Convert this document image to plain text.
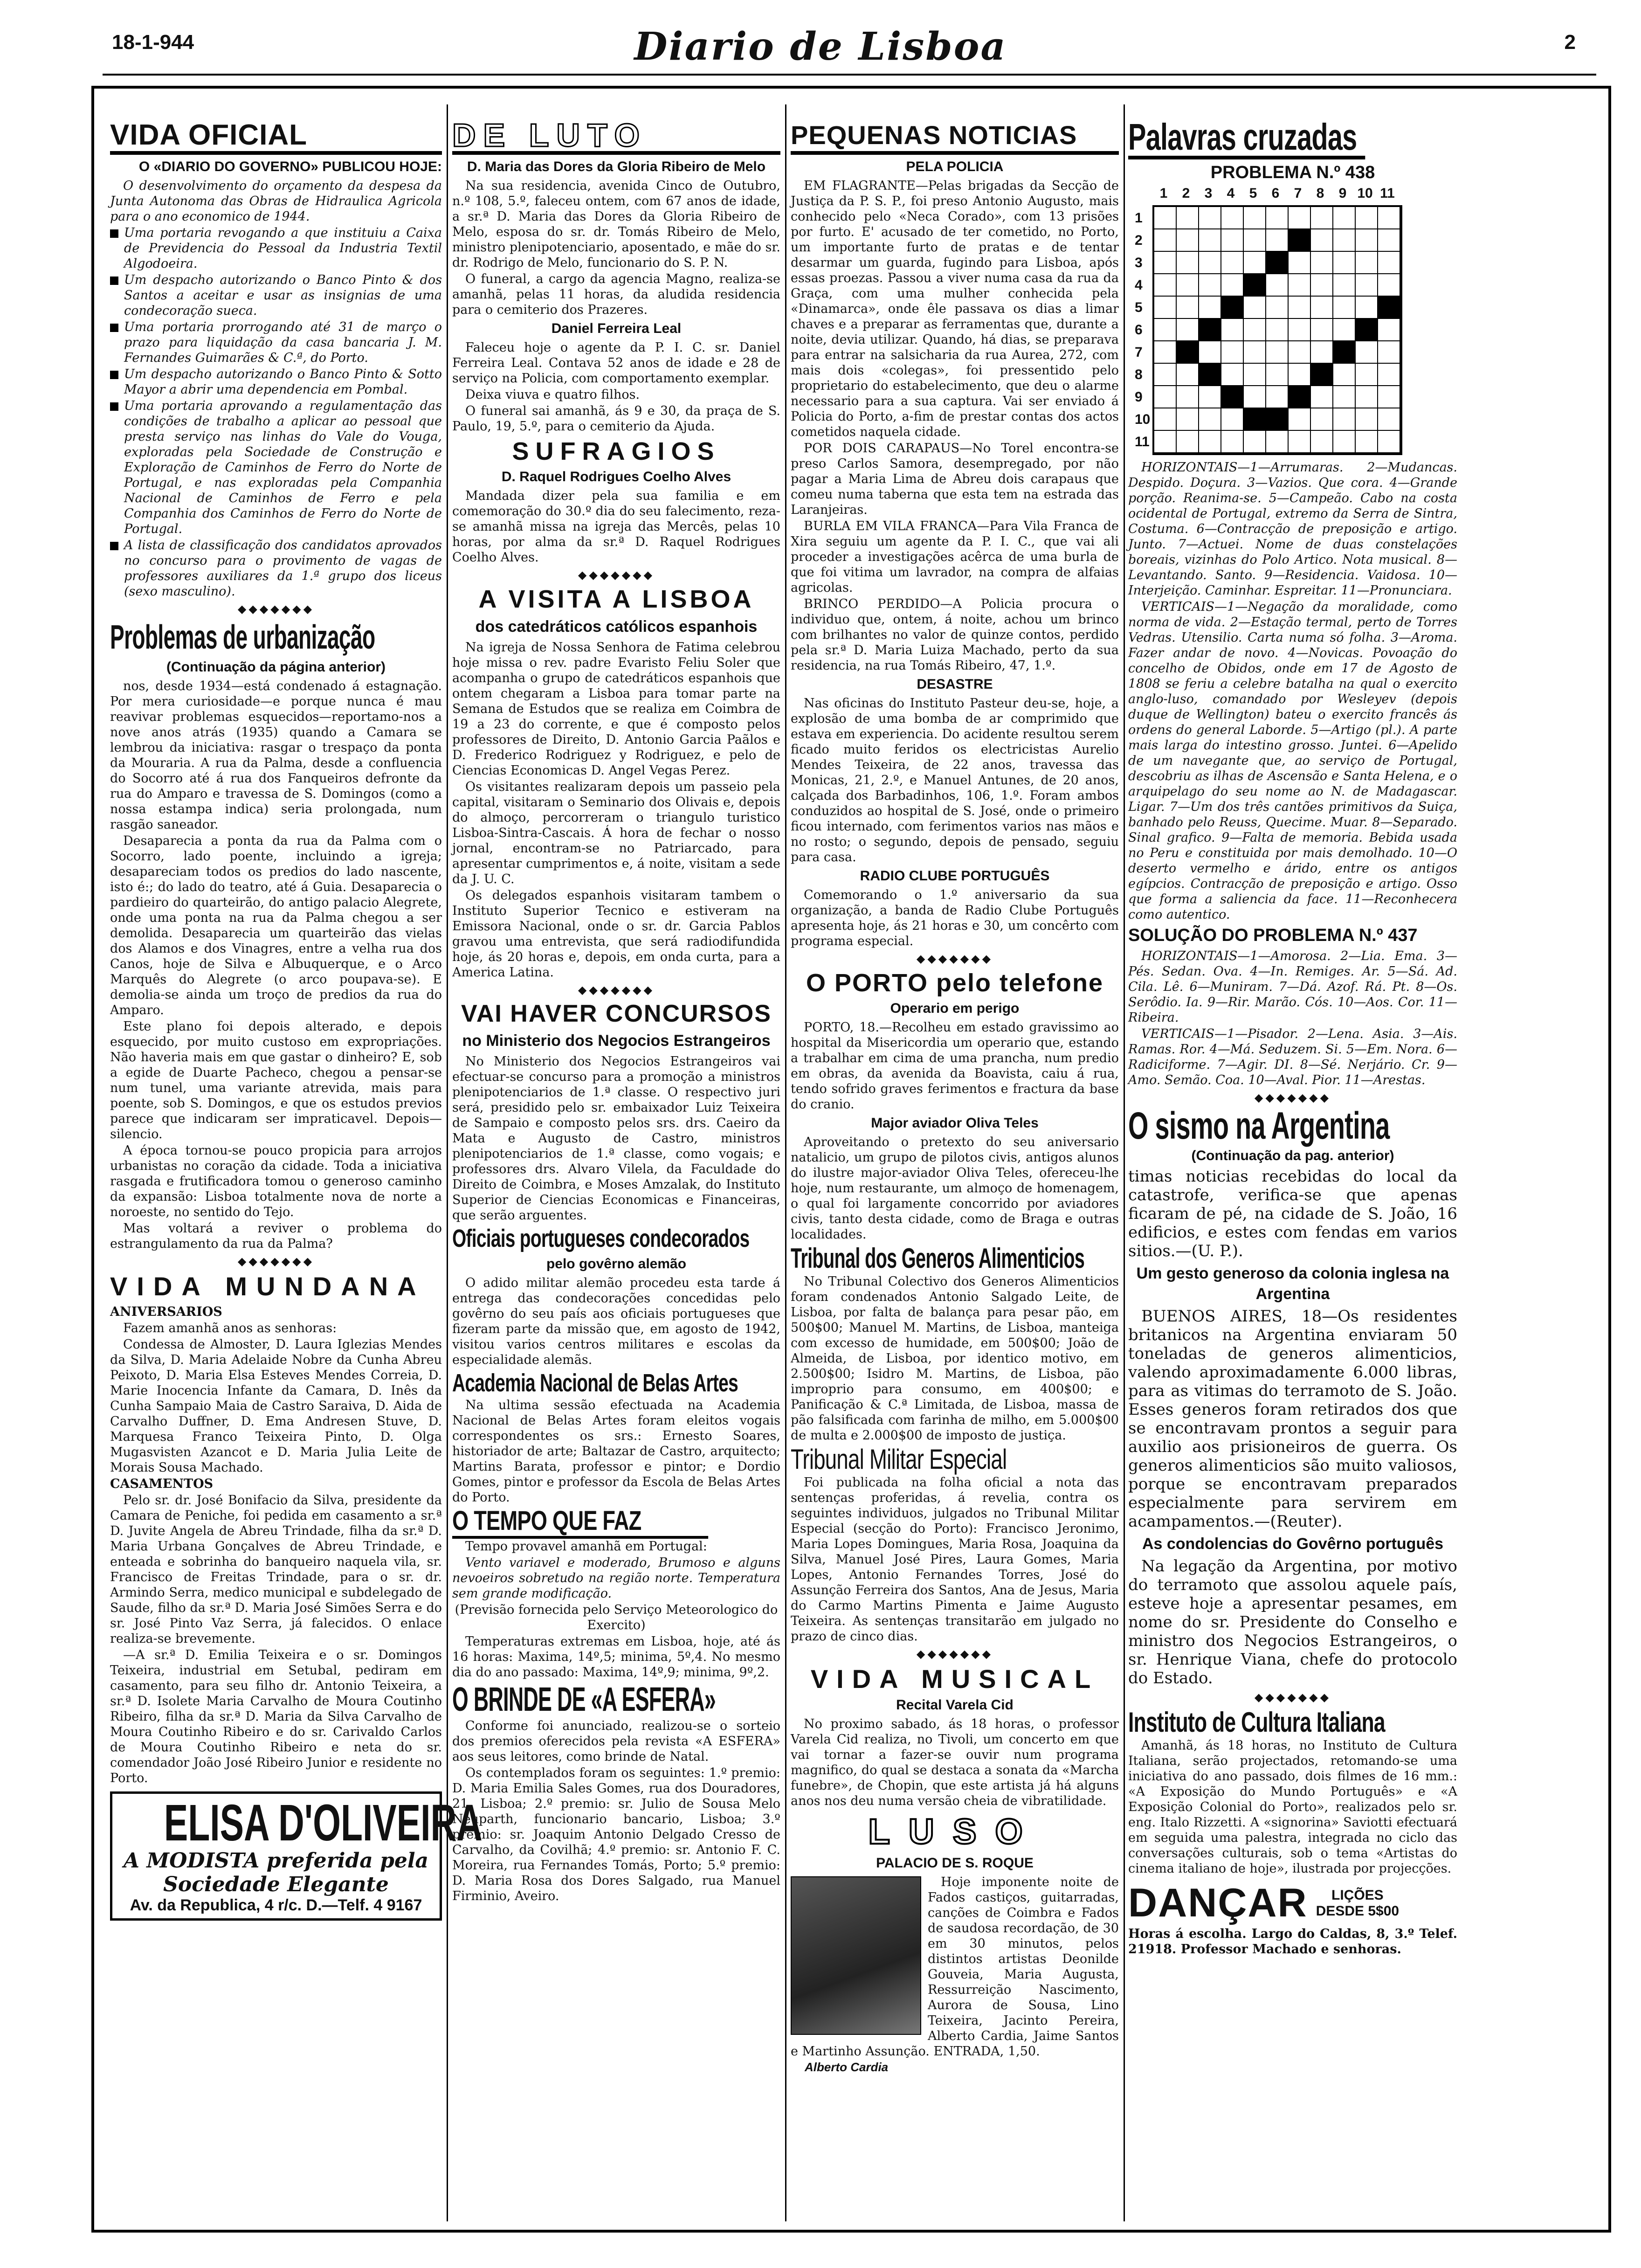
18-1-944	Diario de Lisboa	2
VIDA OFICIAL
O «DIARIO DO GOVERNO» PUBLICOU HOJE:

O desenvolvimento do orçamento da despesa da Junta Autonoma das Obras de Hidraulica Agricola para o ano economico de 1944.

Uma portaria revogando a que instituiu a Caixa de Previdencia do Pessoal da Industria Textil Algodoeira.

Um despacho autorizando o Banco Pinto & dos Santos a aceitar e usar as insignias de uma condecoração sueca.

Uma portaria prorrogando até 31 de março o prazo para liquidação da casa bancaria J. M. Fernandes Guimarães & C.ª, do Porto.

Um despacho autorizando o Banco Pinto & Sotto Mayor a abrir uma dependencia em Pombal.

Uma portaria aprovando a regulamentação das condições de trabalho a aplicar ao pessoal que presta serviço nas linhas do Vale do Vouga, exploradas pela Sociedade de Construção e Exploração de Caminhos de Ferro do Norte de Portugal, e nas exploradas pela Companhia Nacional de Caminhos de Ferro e pela Companhia dos Caminhos de Ferro do Norte de Portugal.

A lista de classificação dos candidatos aprovados no concurso para o provimento de vagas de professores auxiliares da 1.ª grupo dos liceus (sexo masculino).

◆◆◆◆◆◆◆
Problemas de urbanização
(Continuação da página anterior)

nos, desde 1934—está condenado á estagnação. Por mera curiosidade—e porque nunca é mau reavivar problemas esquecidos—reportamo-nos a nove anos atrás (1935) quando a Camara se lembrou da iniciativa: rasgar o trespaço da ponta da Mouraria. A rua da Palma, desde a confluencia do Socorro até á rua dos Fanqueiros defronte da rua do Amparo e travessa de S. Domingos (como a nossa estampa indica) seria prolongada, num rasgão saneador.

Desaparecia a ponta da rua da Palma com o Socorro, lado poente, incluindo a igreja; desapareciam todos os predios do lado nascente, isto é:; do lado do teatro, até á Guia. Desaparecia o pardieiro do quarteirão, do antigo palacio Alegrete, onde uma ponta na rua da Palma chegou a ser demolida. Desaparecia um quarteirão das vielas dos Alamos e dos Vinagres, entre a velha rua dos Canos, hoje de Silva e Albuquerque, e o Arco Marquês do Alegrete (o arco poupava-se). E demolia-se ainda um troço de predios da rua do Amparo.

Este plano foi depois alterado, e depois esquecido, por muito custoso em expropriações. Não haveria mais em que gastar o dinheiro? E, sob a egide de Duarte Pacheco, chegou a pensar-se num tunel, uma variante atrevida, mais para poente, sob S. Domingos, e que os estudos previos parece que indicaram ser impraticavel. Depois—silencio.

A época tornou-se pouco propicia para arrojos urbanistas no coração da cidade. Toda a iniciativa rasgada e frutificadora tomou o generoso caminho da expansão: Lisboa totalmente nova de norte a noroeste, no sentido do Tejo.

Mas voltará a reviver o problema do estrangulamento da rua da Palma?

◆◆◆◆◆◆◆
VIDA MUNDANA

ANIVERSARIOS

Fazem amanhã anos as senhoras:

Condessa de Almoster, D. Laura Iglezias Mendes da Silva, D. Maria Adelaide Nobre da Cunha Abreu Peixoto, D. Maria Elsa Esteves Mendes Correia, D. Marie Inocencia Infante da Camara, D. Inês da Cunha Sampaio Maia de Castro Saraiva, D. Aida de Carvalho Duffner, D. Ema Andresen Stuve, D. Marquesa Franco Teixeira Pinto, D. Olga Mugasvisten Azancot e D. Maria Julia Leite de Morais Sousa Machado.

CASAMENTOS

Pelo sr. dr. José Bonifacio da Silva, presidente da Camara de Peniche, foi pedida em casamento a sr.ª D. Juvite Angela de Abreu Trindade, filha da sr.ª D. Maria Urbana Gonçalves de Abreu Trindade, e enteada e sobrinha do banqueiro naquela vila, sr. Francisco de Freitas Trindade, para o sr. dr. Armindo Serra, medico municipal e subdelegado de Saude, filho da sr.ª D. Maria José Simões Serra e do sr. José Pinto Vaz Serra, já falecidos. O enlace realiza-se brevemente.

—A sr.ª D. Emilia Teixeira e o sr. Domingos Teixeira, industrial em Setubal, pediram em casamento, para seu filho dr. Antonio Teixeira, a sr.ª D. Isolete Maria Carvalho de Moura Coutinho Ribeiro, filha da sr.ª D. Maria da Silva Carvalho de Moura Coutinho Ribeiro e do sr. Carivaldo Carlos de Moura Coutinho Ribeiro e neta do sr. comendador João José Ribeiro Junior e residente no Porto.

ELISA D'OLIVEIRA
A MODISTA preferida pela
Sociedade Elegante
Av. da Republica, 4 r/c. D.—Telf. 4 9167
DE LUTO
D. Maria das Dores da Gloria Ribeiro de Melo

Na sua residencia, avenida Cinco de Outubro, n.º 108, 5.º, faleceu ontem, com 67 anos de idade, a sr.ª D. Maria das Dores da Gloria Ribeiro de Melo, esposa do sr. dr. Tomás Ribeiro de Melo, ministro plenipotenciario, aposentado, e mãe do sr. dr. Rodrigo de Melo, funcionario do S. P. N.

O funeral, a cargo da agencia Magno, realiza-se amanhã, pelas 11 horas, da aludida residencia para o cemiterio dos Prazeres.

Daniel Ferreira Leal

Faleceu hoje o agente da P. I. C. sr. Daniel Ferreira Leal. Contava 52 anos de idade e 28 de serviço na Policia, com comportamento exemplar.

Deixa viuva e quatro filhos.

O funeral sai amanhã, ás 9 e 30, da praça de S. Paulo, 19, 5.º, para o cemiterio da Ajuda.

SUFRAGIOS
D. Raquel Rodrigues Coelho Alves

Mandada dizer pela sua familia e em comemoração do 30.º dia do seu falecimento, reza-se amanhã missa na igreja das Mercês, pelas 10 horas, por alma da sr.ª D. Raquel Rodrigues Coelho Alves.

◆◆◆◆◆◆◆
A VISITA A LISBOA
dos catedráticos católicos espanhois

Na igreja de Nossa Senhora de Fatima celebrou hoje missa o rev. padre Evaristo Feliu Soler que acompanha o grupo de catedráticos espanhois que ontem chegaram a Lisboa para tomar parte na Semana de Estudos que se realiza em Coimbra de 19 a 23 do corrente, e que é composto pelos professores de Direito, D. Antonio Garcia Paãlos e D. Frederico Rodriguez y Rodriguez, e pelo de Ciencias Economicas D. Angel Vegas Perez.

Os visitantes realizaram depois um passeio pela capital, visitaram o Seminario dos Olivais e, depois do almoço, percorreram o triangulo turistico Lisboa-Sintra-Cascais. Á hora de fechar o nosso jornal, encontram-se no Patriarcado, para apresentar cumprimentos e, á noite, visitam a sede da J. U. C.

Os delegados espanhois visitaram tambem o Instituto Superior Tecnico e estiveram na Emissora Nacional, onde o sr. dr. Garcia Pablos gravou uma entrevista, que será radiodifundida hoje, ás 20 horas e, depois, em onda curta, para a America Latina.

◆◆◆◆◆◆◆
VAI HAVER CONCURSOS
no Ministerio dos Negocios Estrangeiros

No Ministerio dos Negocios Estrangeiros vai efectuar-se concurso para a promoção a ministros plenipotenciarios de 1.ª classe. O respectivo juri será, presidido pelo sr. embaixador Luiz Teixeira de Sampaio e composto pelos srs. drs. Caeiro da Mata e Augusto de Castro, ministros plenipotenciarios de 1.ª classe, como vogais; e professores drs. Alvaro Vilela, da Faculdade do Direito de Coimbra, e Moses Amzalak, do Instituto Superior de Ciencias Economicas e Financeiras, que serão arguentes.

Oficiais portugueses condecorados
pelo govêrno alemão

O adido militar alemão procedeu esta tarde á entrega das condecorações concedidas pelo govêrno do seu país aos oficiais portugueses que fizeram parte da missão que, em agosto de 1942, visitou varios centros militares e escolas da especialidade alemãs.

Academia Nacional de Belas Artes

Na ultima sessão efectuada na Academia Nacional de Belas Artes foram eleitos vogais correspondentes os srs.: Ernesto Soares, historiador de arte; Baltazar de Castro, arquitecto; Martins Barata, professor e pintor; e Dordio Gomes, pintor e professor da Escola de Belas Artes do Porto.

O TEMPO QUE FAZ

Tempo provavel amanhã em Portugal:

Vento variavel e moderado, Brumoso e alguns nevoeiros sobretudo na região norte. Temperatura sem grande modificação.

(Previsão fornecida pelo Serviço Meteorologico do Exercito)

Temperaturas extremas em Lisboa, hoje, até ás 16 horas: Maxima, 14º,5; minima, 5º,4. No mesmo dia do ano passado: Maxima, 14º,9; minima, 9º,2.

O BRINDE DE «A ESFERA»

Conforme foi anunciado, realizou-se o sorteio dos premios oferecidos pela revista «A ESFERA» aos seus leitores, como brinde de Natal.

Os contemplados foram os seguintes: 1.º premio: D. Maria Emilia Sales Gomes, rua dos Douradores, 21, Lisboa; 2.º premio: sr. Julio de Sousa Melo Neuparth, funcionario bancario, Lisboa; 3.º premio: sr. Joaquim Antonio Delgado Cresso de Carvalho, da Covilhã; 4.º premio: sr. Antonio F. C. Moreira, rua Fernandes Tomás, Porto; 5.º premio: D. Maria Rosa dos Dores Salgado, rua Manuel Firminio, Aveiro.

PEQUENAS NOTICIAS
PELA POLICIA

EM FLAGRANTE—Pelas brigadas da Secção de Justiça da P. S. P., foi preso Antonio Augusto, mais conhecido pelo «Neca Corado», com 13 prisões por furto. E' acusado de ter cometido, no Porto, um importante furto de pratas e de tentar desarmar um guarda, fugindo para Lisboa, após essas proezas. Passou a viver numa casa da rua da Graça, com uma mulher conhecida pela «Dinamarca», onde êle passava os dias a limar chaves e a preparar as ferramentas que, durante a noite, devia utilizar. Quando, há dias, se preparava para entrar na salsicharia da rua Aurea, 272, com mais dois «colegas», foi pressentido pelo proprietario do estabelecimento, que deu o alarme necessario para a sua captura. Vai ser enviado á Policia do Porto, a-fim de prestar contas dos actos cometidos naquela cidade.

POR DOIS CARAPAUS—No Torel encontra-se preso Carlos Samora, desempregado, por não pagar a Maria Lima de Abreu dois carapaus que comeu numa taberna que esta tem na estrada das Laranjeiras.

BURLA EM VILA FRANCA—Para Vila Franca de Xira seguiu um agente da P. I. C., que vai ali proceder a investigações acêrca de uma burla de que foi vitima um lavrador, na compra de alfaias agricolas.

BRINCO PERDIDO—A Policia procura o individuo que, ontem, á noite, achou um brinco com brilhantes no valor de quinze contos, perdido pela sr.ª D. Maria Luiza Machado, perto da sua residencia, na rua Tomás Ribeiro, 47, 1.º.

DESASTRE

Nas oficinas do Instituto Pasteur deu-se, hoje, a explosão de uma bomba de ar comprimido que estava em experiencia. Do acidente resultou serem ficado muito feridos os electricistas Aurelio Mendes Teixeira, de 22 anos, travessa das Monicas, 21, 2.º, e Manuel Antunes, de 20 anos, calçada dos Barbadinhos, 106, 1.º. Foram ambos conduzidos ao hospital de S. José, onde o primeiro ficou internado, com ferimentos varios nas mãos e no rosto; o segundo, depois de pensado, seguiu para casa.

RADIO CLUBE PORTUGUÊS

Comemorando o 1.º aniversario da sua organização, a banda de Radio Clube Português apresenta hoje, ás 21 horas e 30, um concêrto com programa especial.

◆◆◆◆◆◆◆
O PORTO pelo telefone
Operario em perigo

PORTO, 18.—Recolheu em estado gravissimo ao hospital da Misericordia um operario que, estando a trabalhar em cima de uma prancha, num predio em obras, da avenida da Boavista, caiu á rua, tendo sofrido graves ferimentos e fractura da base do cranio.

Major aviador Oliva Teles

Aproveitando o pretexto do seu aniversario natalicio, um grupo de pilotos civis, antigos alunos do ilustre major-aviador Oliva Teles, ofereceu-lhe hoje, num restaurante, um almoço de homenagem, o qual foi largamente concorrido por aviadores civis, tanto desta cidade, como de Braga e outras localidades.

Tribunal dos Generos Alimenticios

No Tribunal Colectivo dos Generos Alimenticios foram condenados Antonio Salgado Leite, de Lisboa, por falta de balança para pesar pão, em 500$00; Manuel M. Martins, de Lisboa, manteiga com excesso de humidade, em 500$00; João de Almeida, de Lisboa, por identico motivo, em 2.500$00; Isidro M. Martins, de Lisboa, pão improprio para consumo, em 400$00; e Panificação & C.ª Limitada, de Lisboa, massa de pão falsificada com farinha de milho, em 5.000$00 de multa e 2.000$00 de imposto de justiça.

Tribunal Militar Especial

Foi publicada na folha oficial a nota das sentenças proferidas, á revelia, contra os seguintes individuos, julgados no Tribunal Militar Especial (secção do Porto): Francisco Jeronimo, Maria Lopes Domingues, Maria Rosa, Joaquina da Silva, Manuel José Pires, Laura Gomes, Maria Lopes, Antonio Fernandes Torres, José do Assunção Ferreira dos Santos, Ana de Jesus, Maria do Carmo Martins Pimenta e Jaime Augusto Teixeira. As sentenças transitarão em julgado no prazo de cinco dias.

◆◆◆◆◆◆◆
VIDA MUSICAL
Recital Varela Cid

No proximo sabado, ás 18 horas, o professor Varela Cid realiza, no Tivoli, um concerto em que vai tornar a fazer-se ouvir num programa magnifico, do qual se destaca a sonata da «Marcha funebre», de Chopin, que este artista já há alguns anos nos deu numa versão cheia de vibratilidade.

LUSO
PALACIO DE S. ROQUE

Hoje imponente noite de Fados castiços, guitarradas, canções de Coimbra e Fados de saudosa recordação, de 30 em 30 minutos, pelos distintos artistas Deonilde Gouveia, Maria Augusta, Ressurreição Nascimento, Aurora de Sousa, Lino Teixeira, Jacinto Pereira, Alberto Cardia, Jaime Santos e Martinho Assunção. ENTRADA, 1,50.

Alberto Cardia
Palavras cruzadas
PROBLEMA N.º 438
1	2	3	4	5	6	7	8	9 10 11
1
2
3
4
5
6
7
8
9
10
11

HORIZONTAIS—1—Arrumaras. 2—Mudancas. Despido. Doçura. 3—Vazios. Que cora. 4—Grande porção. Reanima-se. 5—Campeão. Cabo na costa ocidental de Portugal, extremo da Serra de Sintra, Costuma. 6—Contracção de preposição e artigo. Junto. 7—Actuei. Nome de duas constelações boreais, vizinhas do Polo Artico. Nota musical. 8—Levantando. Santo. 9—Residencia. Vaidosa. 10—Interjeição. Caminhar. Espreitar. 11—Pronunciara.

VERTICAIS—1—Negação da moralidade, como norma de vida. 2—Estação termal, perto de Torres Vedras. Utensilio. Carta numa só folha. 3—Aroma. Fazer andar de novo. 4—Novicas. Povoação do concelho de Obidos, onde em 17 de Agosto de 1808 se feriu a celebre batalha na qual o exercito anglo-luso, comandado por Wesleyev (depois duque de Wellington) bateu o exercito francês ás ordens do general Laborde. 5—Artigo (pl.). A parte mais larga do intestino grosso. Juntei. 6—Apelido de um navegante que, ao serviço de Portugal, descobriu as ilhas de Ascensão e Santa Helena, e o arquipelago do seu nome ao N. de Madagascar. Ligar. 7—Um dos três cantões primitivos da Suiça, banhado pelo Reuss, Quecime. Muar. 8—Separado. Sinal grafico. 9—Falta de memoria. Bebida usada no Peru e constituida por mais demolhado. 10—O deserto vermelho e árido, entre os antigos egípcios. Contracção de preposição e artigo. Osso que forma a saliencia da face. 11—Reconhecera como autentico.

SOLUÇÃO DO PROBLEMA N.º 437

HORIZONTAIS—1—Amorosa. 2—Lia. Ema. 3—Pés. Sedan. Ova. 4—In. Remiges. Ar. 5—Sá. Ad. Cila. Lê. 6—Muniram. 7—Dá. Azof. Rá. Pt. 8—Os. Serôdio. Ia. 9—Rir. Marão. Cós. 10—Aos. Cor. 11—Ribeira.

VERTICAIS—1—Pisador. 2—Lena. Asia. 3—Ais. Ramas. Ror. 4—Má. Seduzem. Si. 5—Em. Nora. 6—Radiciforme. 7—Agir. DI. 8—Sé. Nerjário. Cr. 9—Amo. Semão. Coa. 10—Aval. Pior. 11—Arestas.

◆◆◆◆◆◆◆
O sismo na Argentina
(Continuação da pag. anterior)

timas noticias recebidas do local da catastrofe, verifica-se que apenas ficaram de pé, na cidade de S. João, 16 edificios, e estes com fendas em varios sitios.—(U. P.).

Um gesto generoso da colonia inglesa na Argentina

BUENOS AIRES, 18—Os residentes britanicos na Argentina enviaram 50 toneladas de generos alimenticios, valendo aproximadamente 6.000 libras, para as vitimas do terramoto de S. João. Esses generos foram retirados dos que se encontravam prontos a seguir para auxilio aos prisioneiros de guerra. Os generos alimenticios são muito valiosos, porque se encontravam preparados especialmente para servirem em acampamentos.—(Reuter).

As condolencias do Govêrno português

Na legação da Argentina, por motivo do terramoto que assolou aquele país, esteve hoje a apresentar pesames, em nome do sr. Presidente do Conselho e ministro dos Negocios Estrangeiros, o sr. Henrique Viana, chefe do protocolo do Estado.

◆◆◆◆◆◆◆
Instituto de Cultura Italiana

Amanhã, ás 18 horas, no Instituto de Cultura Italiana, serão projectados, retomando-se uma iniciativa do ano passado, dois filmes de 16 mm.: «A Exposição do Mundo Português» e «A Exposição Colonial do Porto», realizados pelo sr. eng. Italo Rizzetti. A «signorina» Saviotti efectuará em seguida uma palestra, integrada no ciclo das conversações culturais, sob o tema «Artistas do cinema italiano de hoje», ilustrada por projecções.

DANÇAR	LIÇÕES
DESDE 5$00

Horas á escolha. Largo do Caldas, 8, 3.º Telef. 21918. Professor Machado e senhoras.
